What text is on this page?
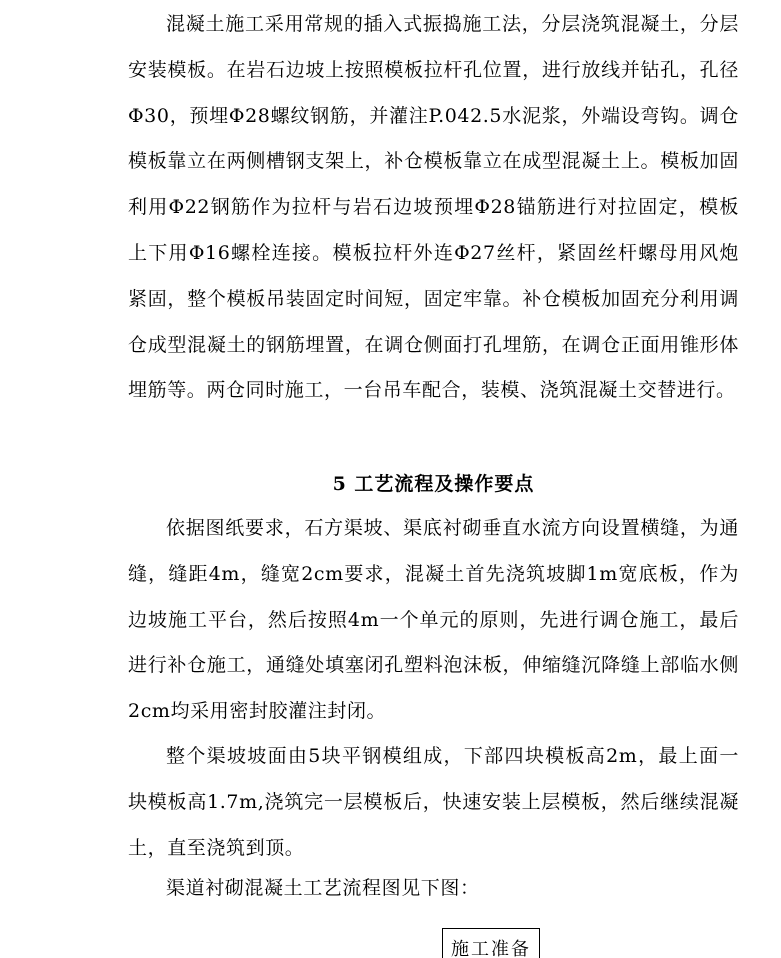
混凝土施工采用常规的插入式振捣施工法，分层浇筑混凝土，分层安装模板。在岩石边坡上按照模板拉杆孔位置，进行放线并钻孔，孔径Φ30，预埋Φ28螺纹钢筋，并灌注P.042.5水泥浆，外端设弯钩。调仓模板靠立在两侧槽钢支架上，补仓模板靠立在成型混凝土上。模板加固利用Φ22钢筋作为拉杆与岩石边坡预埋Φ28锚筋进行对拉固定，模板上下用Φ16螺栓连接。模板拉杆外连Φ27丝杆，紧固丝杆螺母用风炮紧固，整个模板吊装固定时间短，固定牢靠。补仓模板加固充分利用调仓成型混凝土的钢筋埋置，在调仓侧面打孔埋筋，在调仓正面用锥形体埋筋等。两仓同时施工，一台吊车配合，装模、浇筑混凝土交替进行。

5 工艺流程及操作要点

依据图纸要求，石方渠坡、渠底衬砌垂直水流方向设置横缝，为通缝，缝距4m，缝宽2cm要求，混凝土首先浇筑坡脚1m宽底板，作为边坡施工平台，然后按照4m一个单元的原则，先进行调仓施工，最后进行补仓施工，通缝处填塞闭孔塑料泡沫板，伸缩缝沉降缝上部临水侧2cm均采用密封胶灌注封闭。

整个渠坡坡面由5块平钢模组成，下部四块模板高2m，最上面一块模板高1.7m,浇筑完一层模板后，快速安装上层模板，然后继续混凝土，直至浇筑到顶。

渠道衬砌混凝土工艺流程图见下图：

施工准备
